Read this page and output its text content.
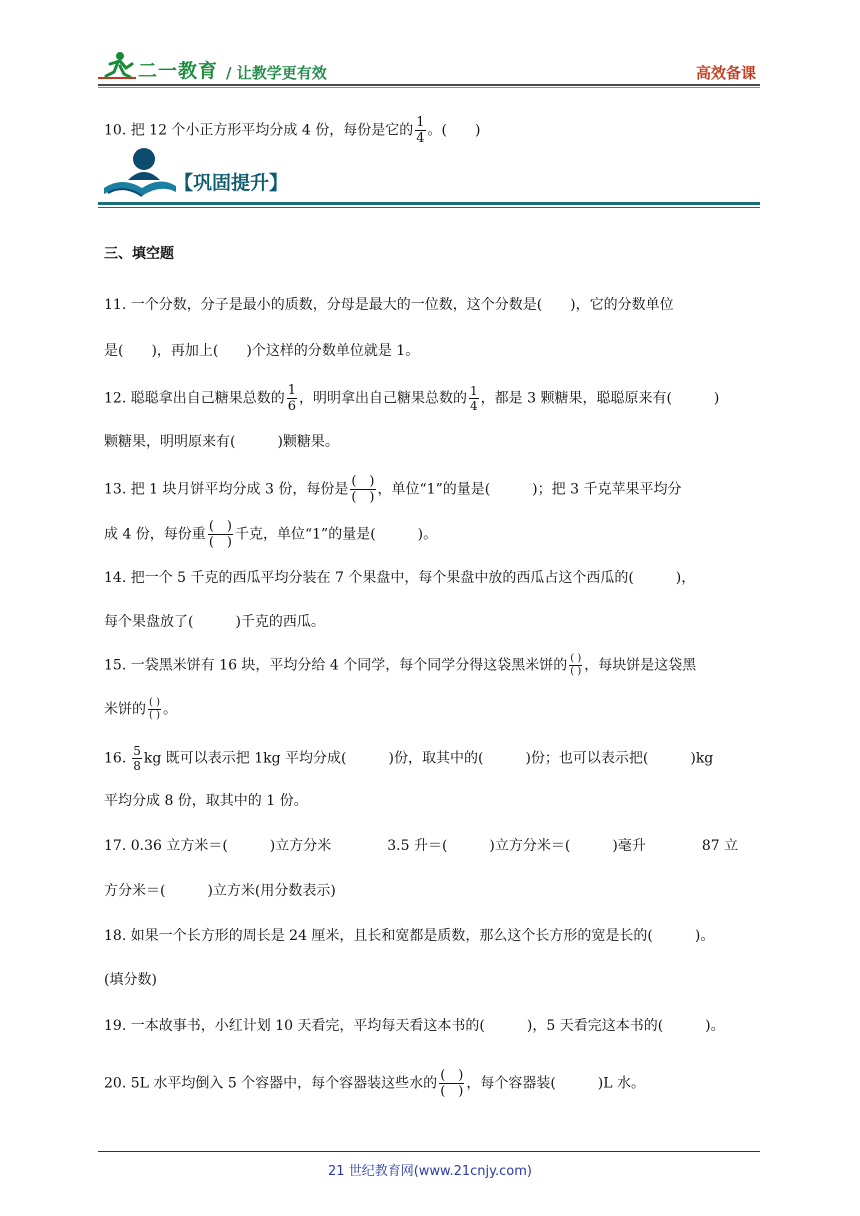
二一教育 / 让教学更有效	高效备课
10. 把 12 个小正方形平均分成 4 份，每份是它的 $\frac{1}{4}$ 。(　　)
【巩固提升】
三、填空题
11. 一个分数，分子是最小的质数，分母是最大的一位数，这个分数是(　　)，它的分数单位
是(　　)，再加上(　　)个这样的分数单位就是 1。
12. 聪聪拿出自己糖果总数的 $\frac{1}{6}$ ，明明拿出自己糖果总数的 $\frac{1}{4}$ ，都是 3 颗糖果，聪聪原来有(　　　)
颗糖果，明明原来有(　　　)颗糖果。
13. 把 1 块月饼平均分成 3 份，每份是 $\frac{( )}{( )}$ ，单位“1”的量是(　　　)；把 3 千克苹果平均分
成 4 份，每份重 $\frac{( )}{( )}$ 千克，单位“1”的量是(　　　)。
14. 把一个 5 千克的西瓜平均分装在 7 个果盘中，每个果盘中放的西瓜占这个西瓜的(　　　)，
每个果盘放了(　　　)千克的西瓜。
15. 一袋黑米饼有 16 块，平均分给 4 个同学，每个同学分得这袋黑米饼的 $\frac{( )}{( )}$ ，每块饼是这袋黑
米饼的 $\frac{( )}{( )}$ 。
16. $\frac{5}{8}$ kg 既可以表示把 1kg 平均分成(　　　)份，取其中的(　　　)份；也可以表示把(　　　)kg
平均分成 8 份，取其中的 1 份。
17. 0.36 立方米＝(　　　)立方分米　　　　3.5 升＝(　　　)立方分米＝(　　　)毫升　　　　87 立
方分米＝(　　　)立方米(用分数表示)
18. 如果一个长方形的周长是 24 厘米，且长和宽都是质数，那么这个长方形的宽是长的(　　　)。
(填分数)
19. 一本故事书，小红计划 10 天看完，平均每天看这本书的(　　　)，5 天看完这本书的(　　　)。
20. 5L 水平均倒入 5 个容器中，每个容器装这些水的 $\frac{( )}{( )}$ ，每个容器装(　　　)L 水。
21 世纪教育网(www.21cnjy.com)
